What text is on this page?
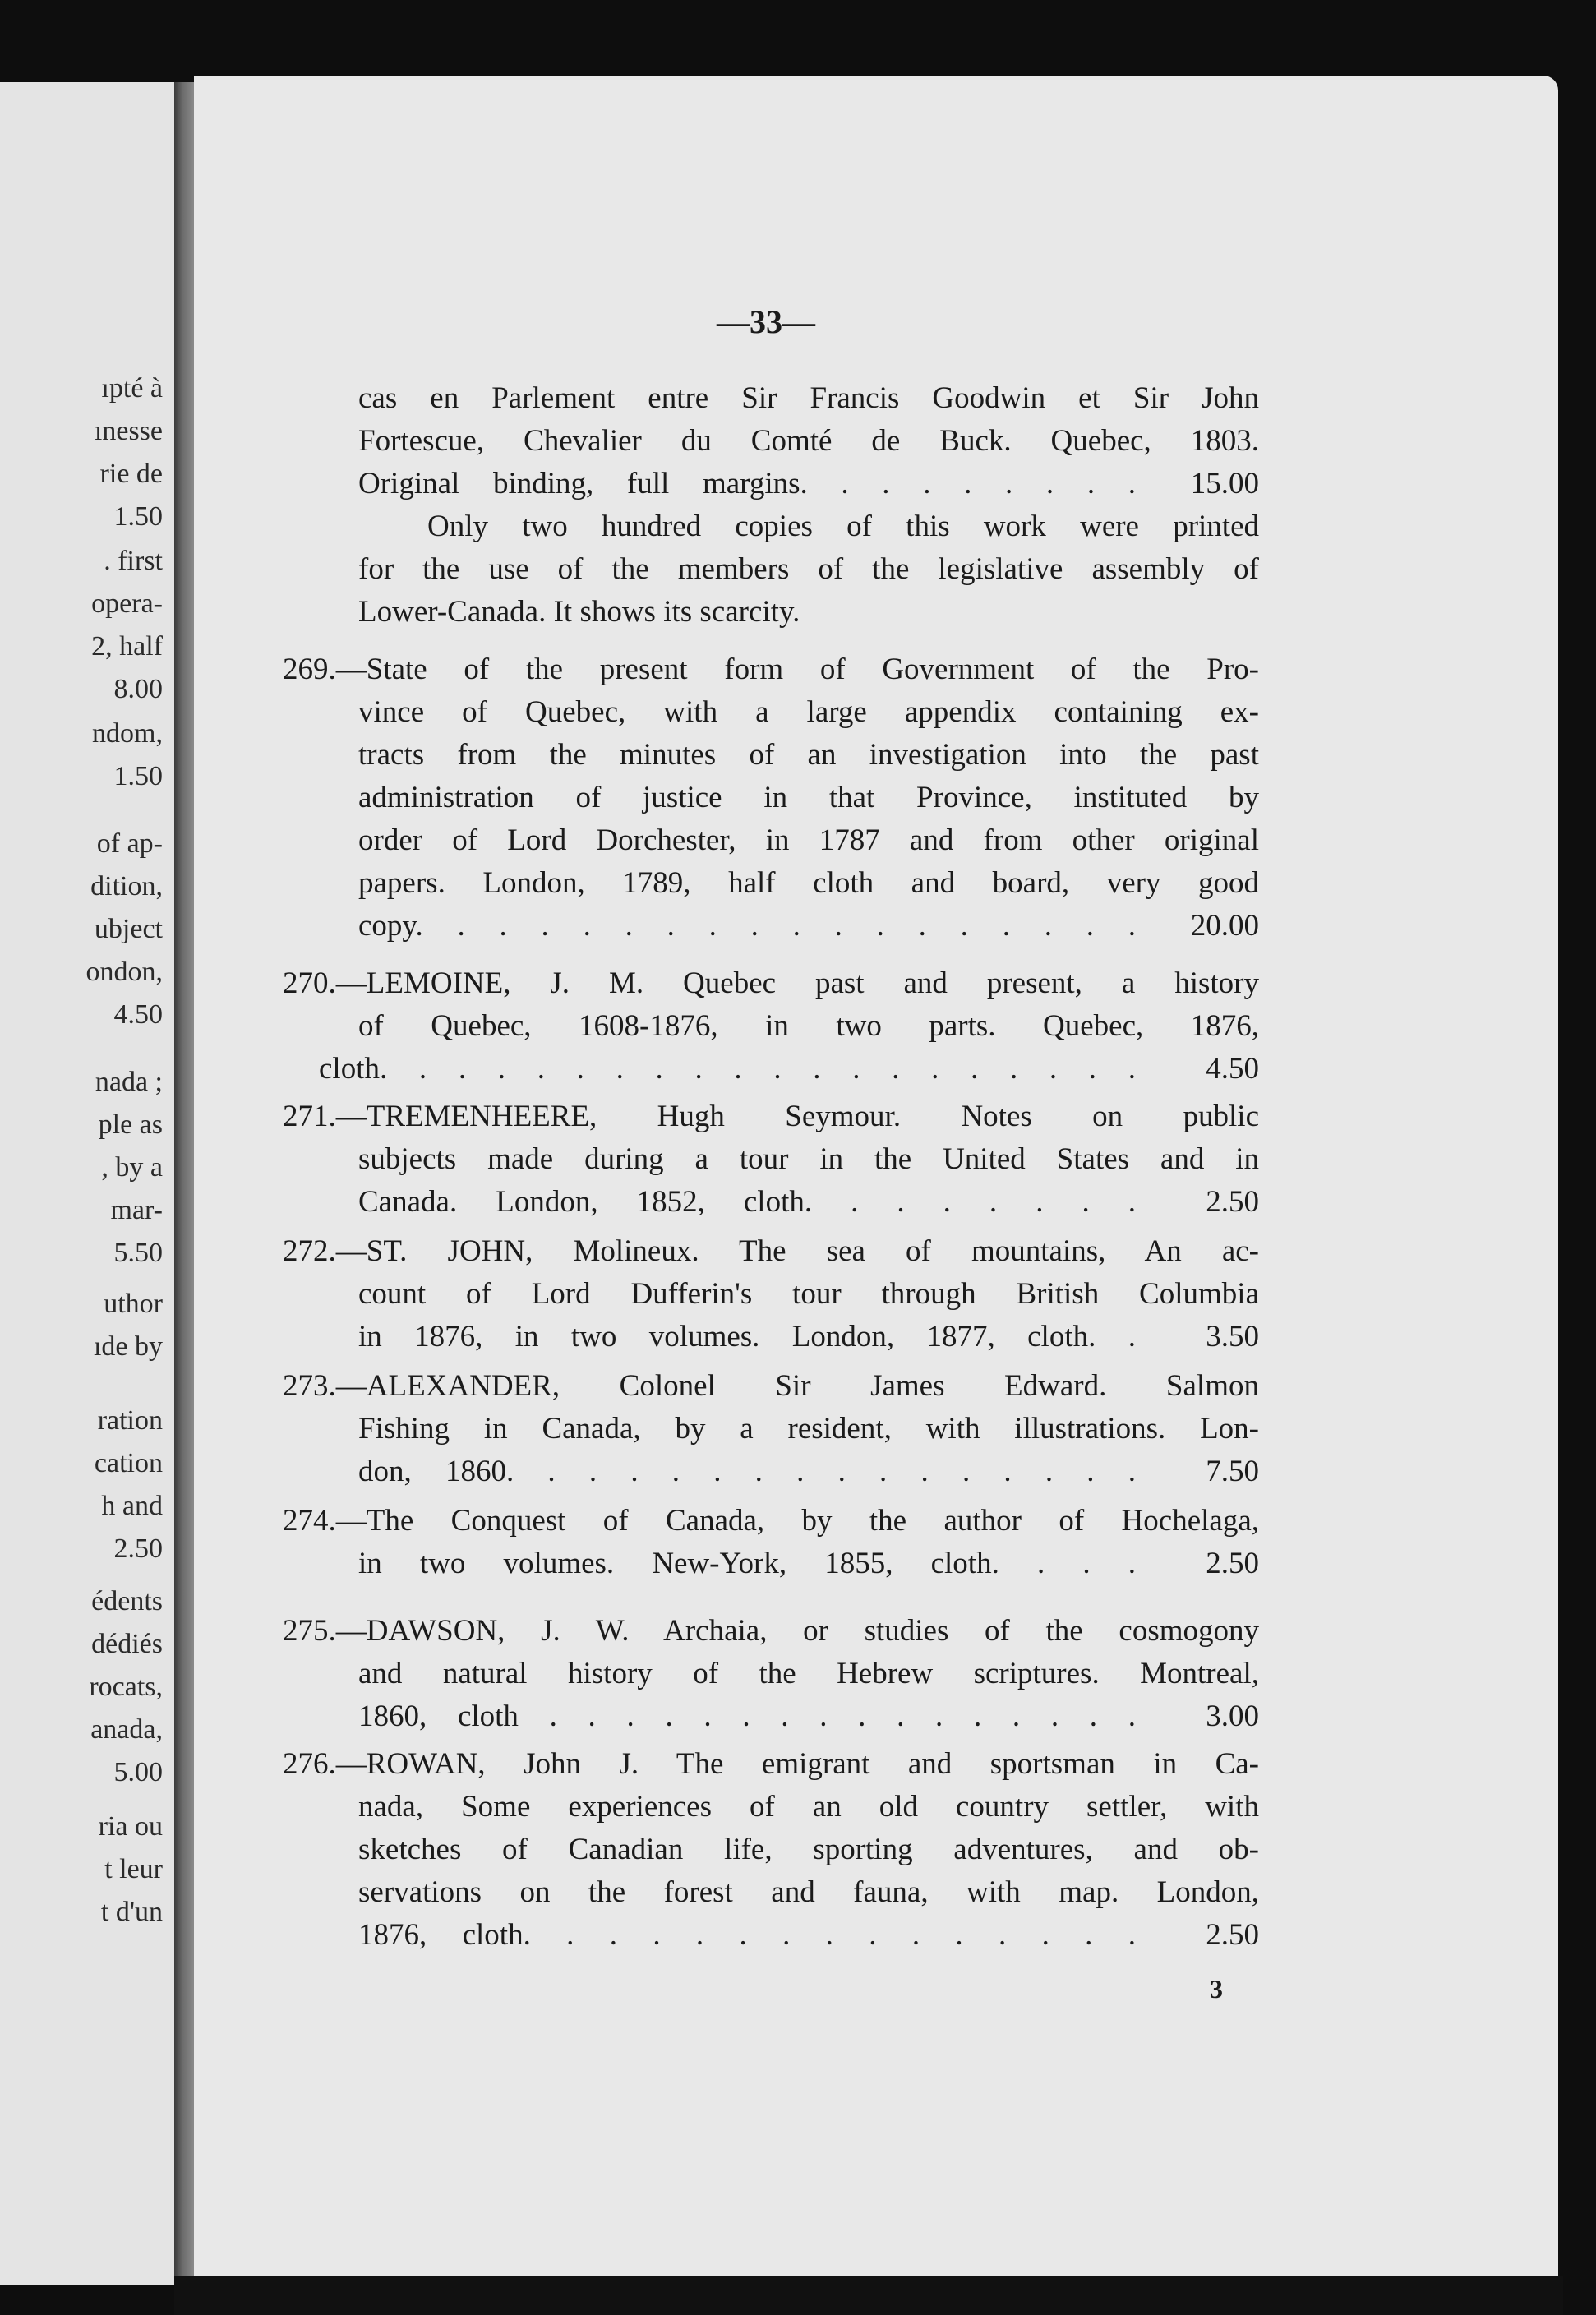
ıpté à
ınesse
rie de
1.50
. first
opera-
2, half
8.00
ndom,
1.50
of ap-
dition,
ubject
ondon,
4.50
nada ;
ple as
, by a
mar-
5.50
uthor
ıde by
ration
cation
h and
2.50
édents
dédiés
rocats,
anada,
5.00
ria ou
t leur
t d'un
—33—
cas en Parlement entre Sir Francis Goodwin et Sir John
Fortescue, Chevalier du Comté de Buck. Quebec, 1803.
Original binding, full margins. . . . . . . . . 15.00
Only two hundred copies of this work were printed
for the use of the members of the legislative assembly of
Lower-Canada. It shows its scarcity.
269.—State of the present form of Government of the Pro-
vince of Quebec, with a large appendix containing ex-
tracts from the minutes of an investigation into the past
administration of justice in that Province, instituted by
order of Lord Dorchester, in 1787 and from other original
papers. London, 1789, half cloth and board, very good
copy. . . . . . . . . . . . . . . . . . 20.00
270.—LEMOINE, J. M. Quebec past and present, a history
of Quebec, 1608-1876, in two parts. Quebec, 1876,
cloth. . . . . . . . . . . . . . . . . . . . 4.50
271.—TREMENHEERE, Hugh Seymour. Notes on public
subjects made during a tour in the United States and in
Canada. London, 1852, cloth. . . . . . . . 2.50
272.—ST. JOHN, Molineux. The sea of mountains, An ac-
count of Lord Dufferin's tour through British Columbia
in 1876, in two volumes. London, 1877, cloth. . 3.50
273.—ALEXANDER, Colonel Sir James Edward. Salmon
Fishing in Canada, by a resident, with illustrations. Lon-
don, 1860. . . . . . . . . . . . . . . . 7.50
274.—The Conquest of Canada, by the author of Hochelaga,
in two volumes. New-York, 1855, cloth. . . . 2.50
275.—DAWSON, J. W. Archaia, or studies of the cosmogony
and natural history of the Hebrew scriptures. Montreal,
1860, cloth . . . . . . . . . . . . . . . . 3.00
276.—ROWAN, John J. The emigrant and sportsman in Ca-
nada, Some experiences of an old country settler, with
sketches of Canadian life, sporting adventures, and ob-
servations on the forest and fauna, with map. London,
1876, cloth. . . . . . . . . . . . . . . 2.50
3
